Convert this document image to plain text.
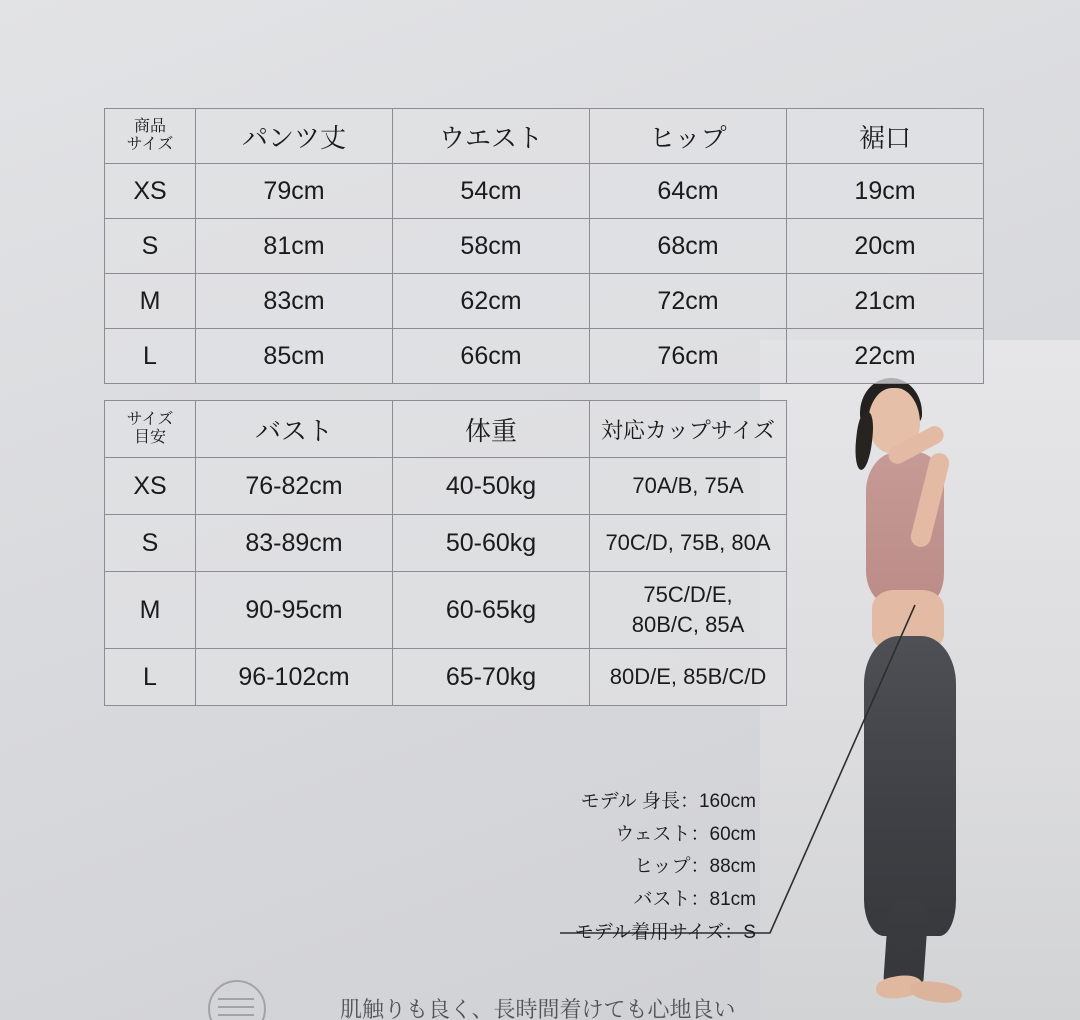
商品
サイズ	パンツ丈	ウエスト	ヒップ	裾口
XS	79cm	54cm	64cm	19cm
S	81cm	58cm	68cm	20cm
M	83cm	62cm	72cm	21cm
L	85cm	66cm	76cm	22cm
サイズ
目安	バスト	体重	対応カップサイズ
XS	76-82cm	40-50kg	70A/B, 75A
S	83-89cm	50-60kg	70C/D, 75B, 80A
M	90-95cm	60-65kg	75C/D/E,
80B/C, 85A

L	96-102cm	65-70kg	80D/E, 85B/C/D
モデル 身長：160cm
ウェスト：60cm
ヒップ：88cm
バスト：81cm
モデル着用サイズ：S
肌触りも良く、長時間着けても心地良い
